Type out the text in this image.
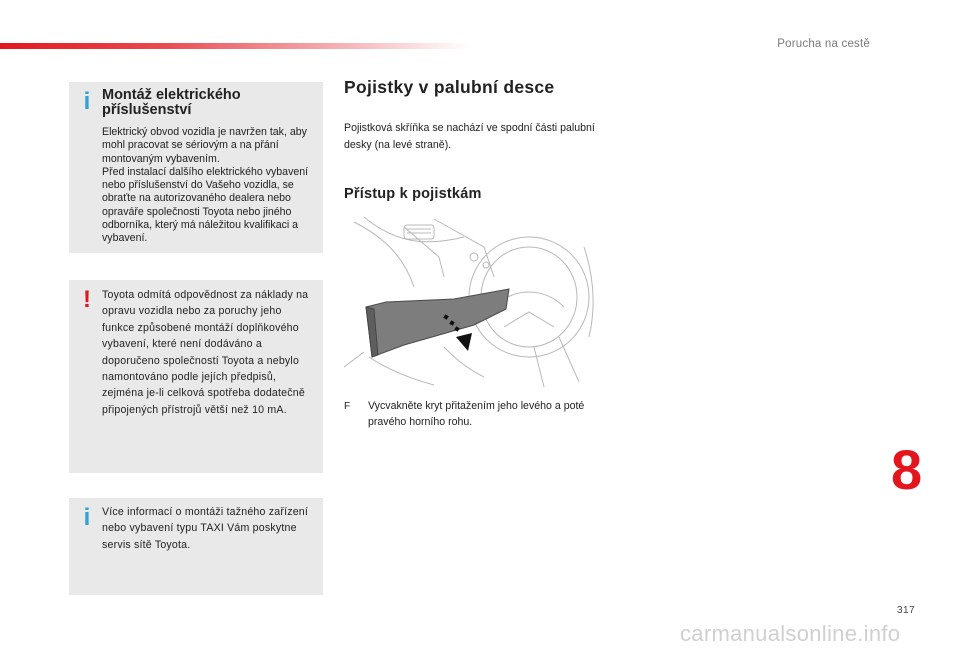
Porucha na cestě
i Montáž elektrického příslušenství

Elektrický obvod vozidla je navržen tak, aby mohl pracovat se sériovým a na přání montovaným vybavením.
Před instalací dalšího elektrického vybavení nebo příslušenství do Vašeho vozidla, se obraťte na autorizovaného dealera nebo opraváře společnosti Toyota nebo jiného odborníka, který má náležitou kvalifikaci a vybavení.

! Toyota odmítá odpovědnost za náklady na opravu vozidla nebo za poruchy jeho funkce způsobené montáží doplňkového vybavení, které není dodáváno a doporučeno společností Toyota a nebylo namontováno podle jejích předpisů, zejména je-li celková spotřeba dodatečně připojených přístrojů větší než 10 mA.

i	Více informací o montáži tažného zařízení nebo vybavení typu TAXI Vám poskytne servis sítě Toyota.

Pojistky v palubní desce
Pojistková skříňka se nachází ve spodní části palubní desky (na levé straně).
Přístup k pojistkám
F	Vycvakněte kryt přitažením jeho levého a poté pravého horního rohu.
8
317
carmanualsonline.info
